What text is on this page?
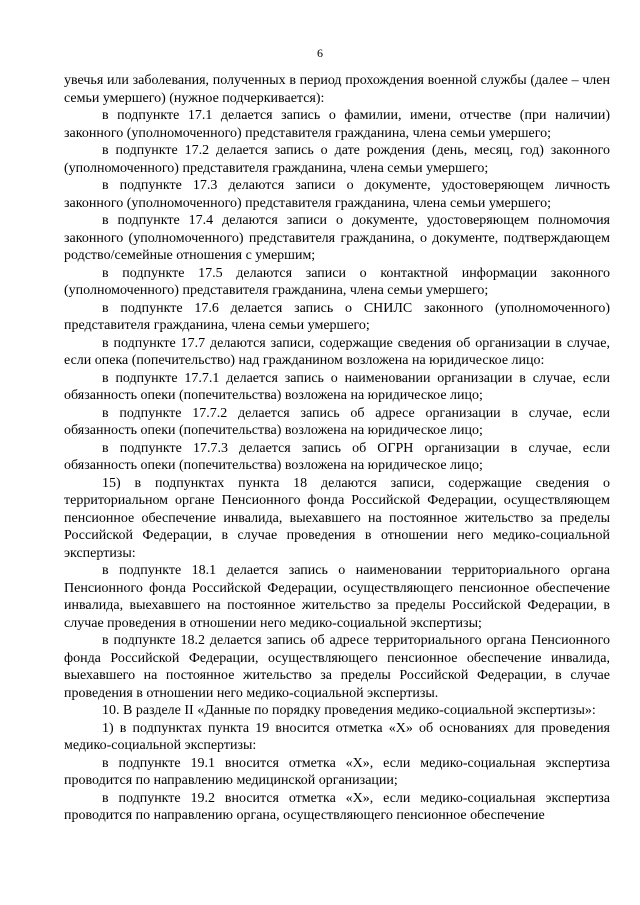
6

увечья или заболевания, полученных в период прохождения военной службы (далее – член семьи умершего) (нужное подчеркивается):

в подпункте 17.1 делается запись о фамилии, имени, отчестве (при наличии) законного (уполномоченного) представителя гражданина, члена семьи умершего;

в подпункте 17.2 делается запись о дате рождения (день, месяц, год) законного (уполномоченного) представителя гражданина, члена семьи умершего;

в подпункте 17.3 делаются записи о документе, удостоверяющем личность законного (уполномоченного) представителя гражданина, члена семьи умершего;

в подпункте 17.4 делаются записи о документе, удостоверяющем полномочия законного (уполномоченного) представителя гражданина, о документе, подтверждающем родство/семейные отношения с умершим;

в подпункте 17.5 делаются записи о контактной информации законного (уполномоченного) представителя гражданина, члена семьи умершего;

в подпункте 17.6 делается запись о СНИЛС законного (уполномоченного) представителя гражданина, члена семьи умершего;

в подпункте 17.7 делаются записи, содержащие сведения об организации в случае, если опека (попечительство) над гражданином возложена на юридическое лицо:

в подпункте 17.7.1 делается запись о наименовании организации в случае, если обязанность опеки (попечительства) возложена на юридическое лицо;

в подпункте 17.7.2 делается запись об адресе организации в случае, если обязанность опеки (попечительства) возложена на юридическое лицо;

в подпункте 17.7.3 делается запись об ОГРН организации в случае, если обязанность опеки (попечительства) возложена на юридическое лицо;

15) в подпунктах пункта 18 делаются записи, содержащие сведения о территориальном органе Пенсионного фонда Российской Федерации, осуществляющем пенсионное обеспечение инвалида, выехавшего на постоянное жительство за пределы Российской Федерации, в случае проведения в отношении него медико-социальной экспертизы:

в подпункте 18.1 делается запись о наименовании территориального органа Пенсионного фонда Российской Федерации, осуществляющего пенсионное обеспечение инвалида, выехавшего на постоянное жительство за пределы Российской Федерации, в случае проведения в отношении него медико-социальной экспертизы;

в подпункте 18.2 делается запись об адресе территориального органа Пенсионного фонда Российской Федерации, осуществляющего пенсионное обеспечение инвалида, выехавшего на постоянное жительство за пределы Российской Федерации, в случае проведения в отношении него медико-социальной экспертизы.

10. В разделе II «Данные по порядку проведения медико-социальной экспертизы»:

1) в подпунктах пункта 19 вносится отметка «X» об основаниях для проведения медико-социальной экспертизы:

в подпункте 19.1 вносится отметка «X», если медико-социальная экспертиза проводится по направлению медицинской организации;

в подпункте 19.2 вносится отметка «X», если медико-социальная экспертиза проводится по направлению органа, осуществляющего пенсионное обеспечение
